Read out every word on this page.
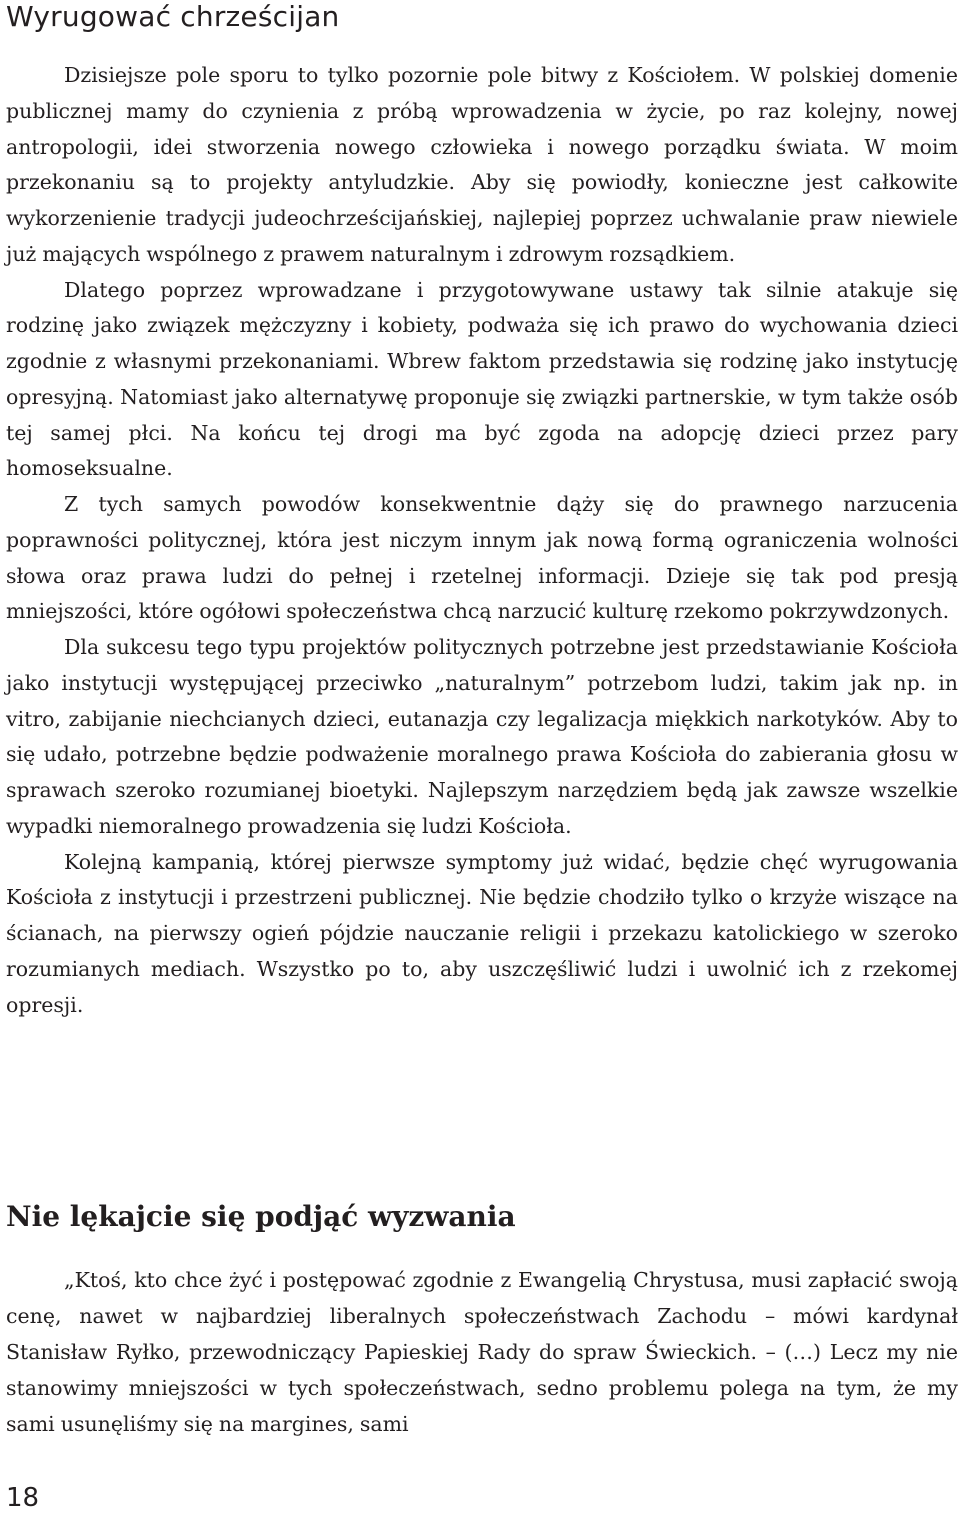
Wyrugować chrześcijan

Dzisiejsze pole sporu to tylko pozornie pole bitwy z Kościołem. W polskiej domenie publicznej mamy do czynienia z próbą wprowadzenia w życie, po raz kolejny, nowej antropologii, idei stworzenia nowego człowieka i nowego porządku świata. W moim przekonaniu są to projekty antyludzkie. Aby się powiodły, konieczne jest całkowite wykorzenienie tradycji judeochrześcijańskiej, najlepiej poprzez uchwalanie praw niewiele już mających wspólnego z prawem naturalnym i zdrowym rozsądkiem.

Dlatego poprzez wprowadzane i przygotowywane ustawy tak silnie atakuje się rodzinę jako związek mężczyzny i kobiety, podważa się ich prawo do wychowania dzieci zgodnie z własnymi przekonaniami. Wbrew faktom przedstawia się rodzinę jako instytucję opresyjną. Natomiast jako alternatywę proponuje się związki partnerskie, w tym także osób tej samej płci. Na końcu tej drogi ma być zgoda na adopcję dzieci przez pary homoseksualne.

Z tych samych powodów konsekwentnie dąży się do prawnego narzucenia poprawności politycznej, która jest niczym innym jak nową formą ograniczenia wolności słowa oraz prawa ludzi do pełnej i rzetelnej informacji. Dzieje się tak pod presją mniejszości, które ogółowi społeczeństwa chcą narzucić kulturę rzekomo pokrzywdzonych.

Dla sukcesu tego typu projektów politycznych potrzebne jest przedstawianie Kościoła jako instytucji występującej przeciwko „naturalnym” potrzebom ludzi, takim jak np. in vitro, zabijanie niechcianych dzieci, eutanazja czy legalizacja miękkich narkotyków. Aby to się udało, potrzebne będzie podważenie moralnego prawa Kościoła do zabierania głosu w sprawach szeroko rozumianej bioetyki. Najlepszym narzędziem będą jak zawsze wszelkie wypadki niemoralnego prowadzenia się ludzi Kościoła.

Kolejną kampanią, której pierwsze symptomy już widać, będzie chęć wyrugowania Kościoła z instytucji i przestrzeni publicznej. Nie będzie chodziło tylko o krzyże wiszące na ścianach, na pierwszy ogień pójdzie nauczanie religii i przekazu katolickiego w szeroko rozumianych mediach. Wszystko po to, aby uszczęśliwić ludzi i uwolnić ich z rzekomej opresji.

Nie lękajcie się podjąć wyzwania

„Ktoś, kto chce żyć i postępować zgodnie z Ewangelią Chrystusa, musi zapłacić swoją cenę, nawet w najbardziej liberalnych społeczeństwach Zachodu – mówi kardynał Stanisław Ryłko, przewodniczący Papieskiej Rady do spraw Świeckich. – (…) Lecz my nie stanowimy mniejszości w tych społeczeństwach, sedno problemu polega na tym, że my sami usunęliśmy się na margines, sami

18
